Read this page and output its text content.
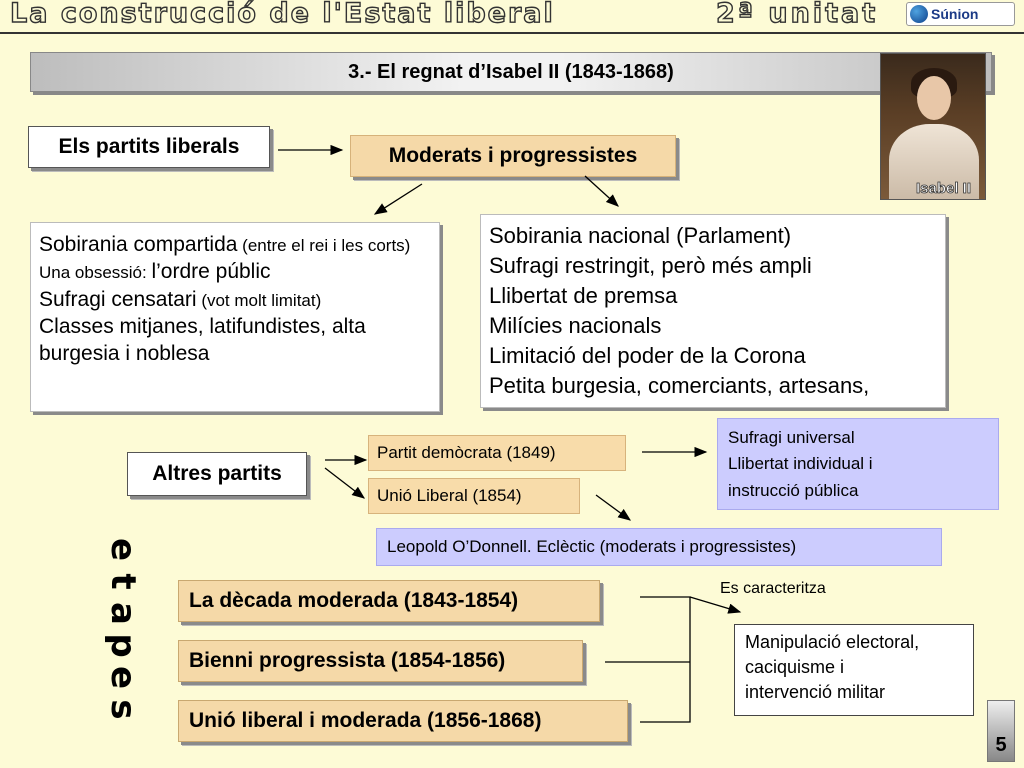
La construcció de l'Estat liberal	2ª unitat	Súnion
3.- El regnat d’Isabel II (1843-1868)
Isabel II
Els partits liberals	Moderats i progressistes
Sobirania compartida (entre el rei i les corts)
Una obsessió: l’ordre públic
Sufragi censatari (vot molt limitat)
Classes mitjanes, latifundistes, alta burgesia i noblesa
Sobirania nacional (Parlament)
Sufragi restringit, però més ampli
Llibertat de premsa
Milícies nacionals
Limitació del poder de la Corona
Petita burgesia, comerciants, artesans,
Altres partits
Partit demòcrata (1849)
Unió Liberal (1854)
Sufragi universal
Llibertat individual i
instrucció pública
Leopold O’Donnell. Eclèctic (moderats i progressistes)
e
t
a
p
e
s
La dècada moderada (1843-1854)
Bienni progressista (1854-1856)
Unió liberal i moderada (1856-1868)
Es caracteritza
Manipulació electoral,
caciquisme i
intervenció militar
5
